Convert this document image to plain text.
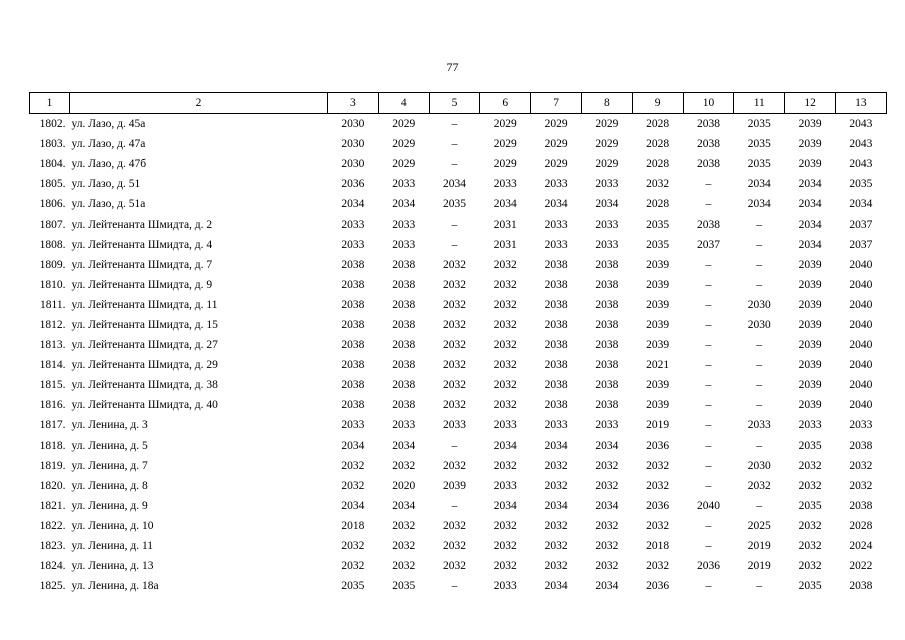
77
1	2	3	4	5	6	7	8	9	10	11	12	13
1802.	ул. Лазо, д. 45а	2030	2029	–	2029	2029	2029	2028	2038	2035	2039	2043
1803.	ул. Лазо, д. 47а	2030	2029	–	2029	2029	2029	2028	2038	2035	2039	2043
1804.	ул. Лазо, д. 47б	2030	2029	–	2029	2029	2029	2028	2038	2035	2039	2043
1805.	ул. Лазо, д. 51	2036	2033	2034	2033	2033	2033	2032	–	2034	2034	2035
1806.	ул. Лазо, д. 51а	2034	2034	2035	2034	2034	2034	2028	–	2034	2034	2034
1807.	ул. Лейтенанта Шмидта, д. 2	2033	2033	–	2031	2033	2033	2035	2038	–	2034	2037
1808.	ул. Лейтенанта Шмидта, д. 4	2033	2033	–	2031	2033	2033	2035	2037	–	2034	2037
1809.	ул. Лейтенанта Шмидта, д. 7	2038	2038	2032	2032	2038	2038	2039	–	–	2039	2040
1810.	ул. Лейтенанта Шмидта, д. 9	2038	2038	2032	2032	2038	2038	2039	–	–	2039	2040
1811.	ул. Лейтенанта Шмидта, д. 11	2038	2038	2032	2032	2038	2038	2039	–	2030	2039	2040
1812.	ул. Лейтенанта Шмидта, д. 15	2038	2038	2032	2032	2038	2038	2039	–	2030	2039	2040
1813.	ул. Лейтенанта Шмидта, д. 27	2038	2038	2032	2032	2038	2038	2039	–	–	2039	2040
1814.	ул. Лейтенанта Шмидта, д. 29	2038	2038	2032	2032	2038	2038	2021	–	–	2039	2040
1815.	ул. Лейтенанта Шмидта, д. 38	2038	2038	2032	2032	2038	2038	2039	–	–	2039	2040
1816.	ул. Лейтенанта Шмидта, д. 40	2038	2038	2032	2032	2038	2038	2039	–	–	2039	2040
1817.	ул. Ленина, д. 3	2033	2033	2033	2033	2033	2033	2019	–	2033	2033	2033
1818.	ул. Ленина, д. 5	2034	2034	–	2034	2034	2034	2036	–	–	2035	2038
1819.	ул. Ленина, д. 7	2032	2032	2032	2032	2032	2032	2032	–	2030	2032	2032
1820.	ул. Ленина, д. 8	2032	2020	2039	2033	2032	2032	2032	–	2032	2032	2032
1821.	ул. Ленина, д. 9	2034	2034	–	2034	2034	2034	2036	2040	–	2035	2038
1822.	ул. Ленина, д. 10	2018	2032	2032	2032	2032	2032	2032	–	2025	2032	2028
1823.	ул. Ленина, д. 11	2032	2032	2032	2032	2032	2032	2018	–	2019	2032	2024
1824.	ул. Ленина, д. 13	2032	2032	2032	2032	2032	2032	2032	2036	2019	2032	2022
1825.	ул. Ленина, д. 18а	2035	2035	–	2033	2034	2034	2036	–	–	2035	2038
